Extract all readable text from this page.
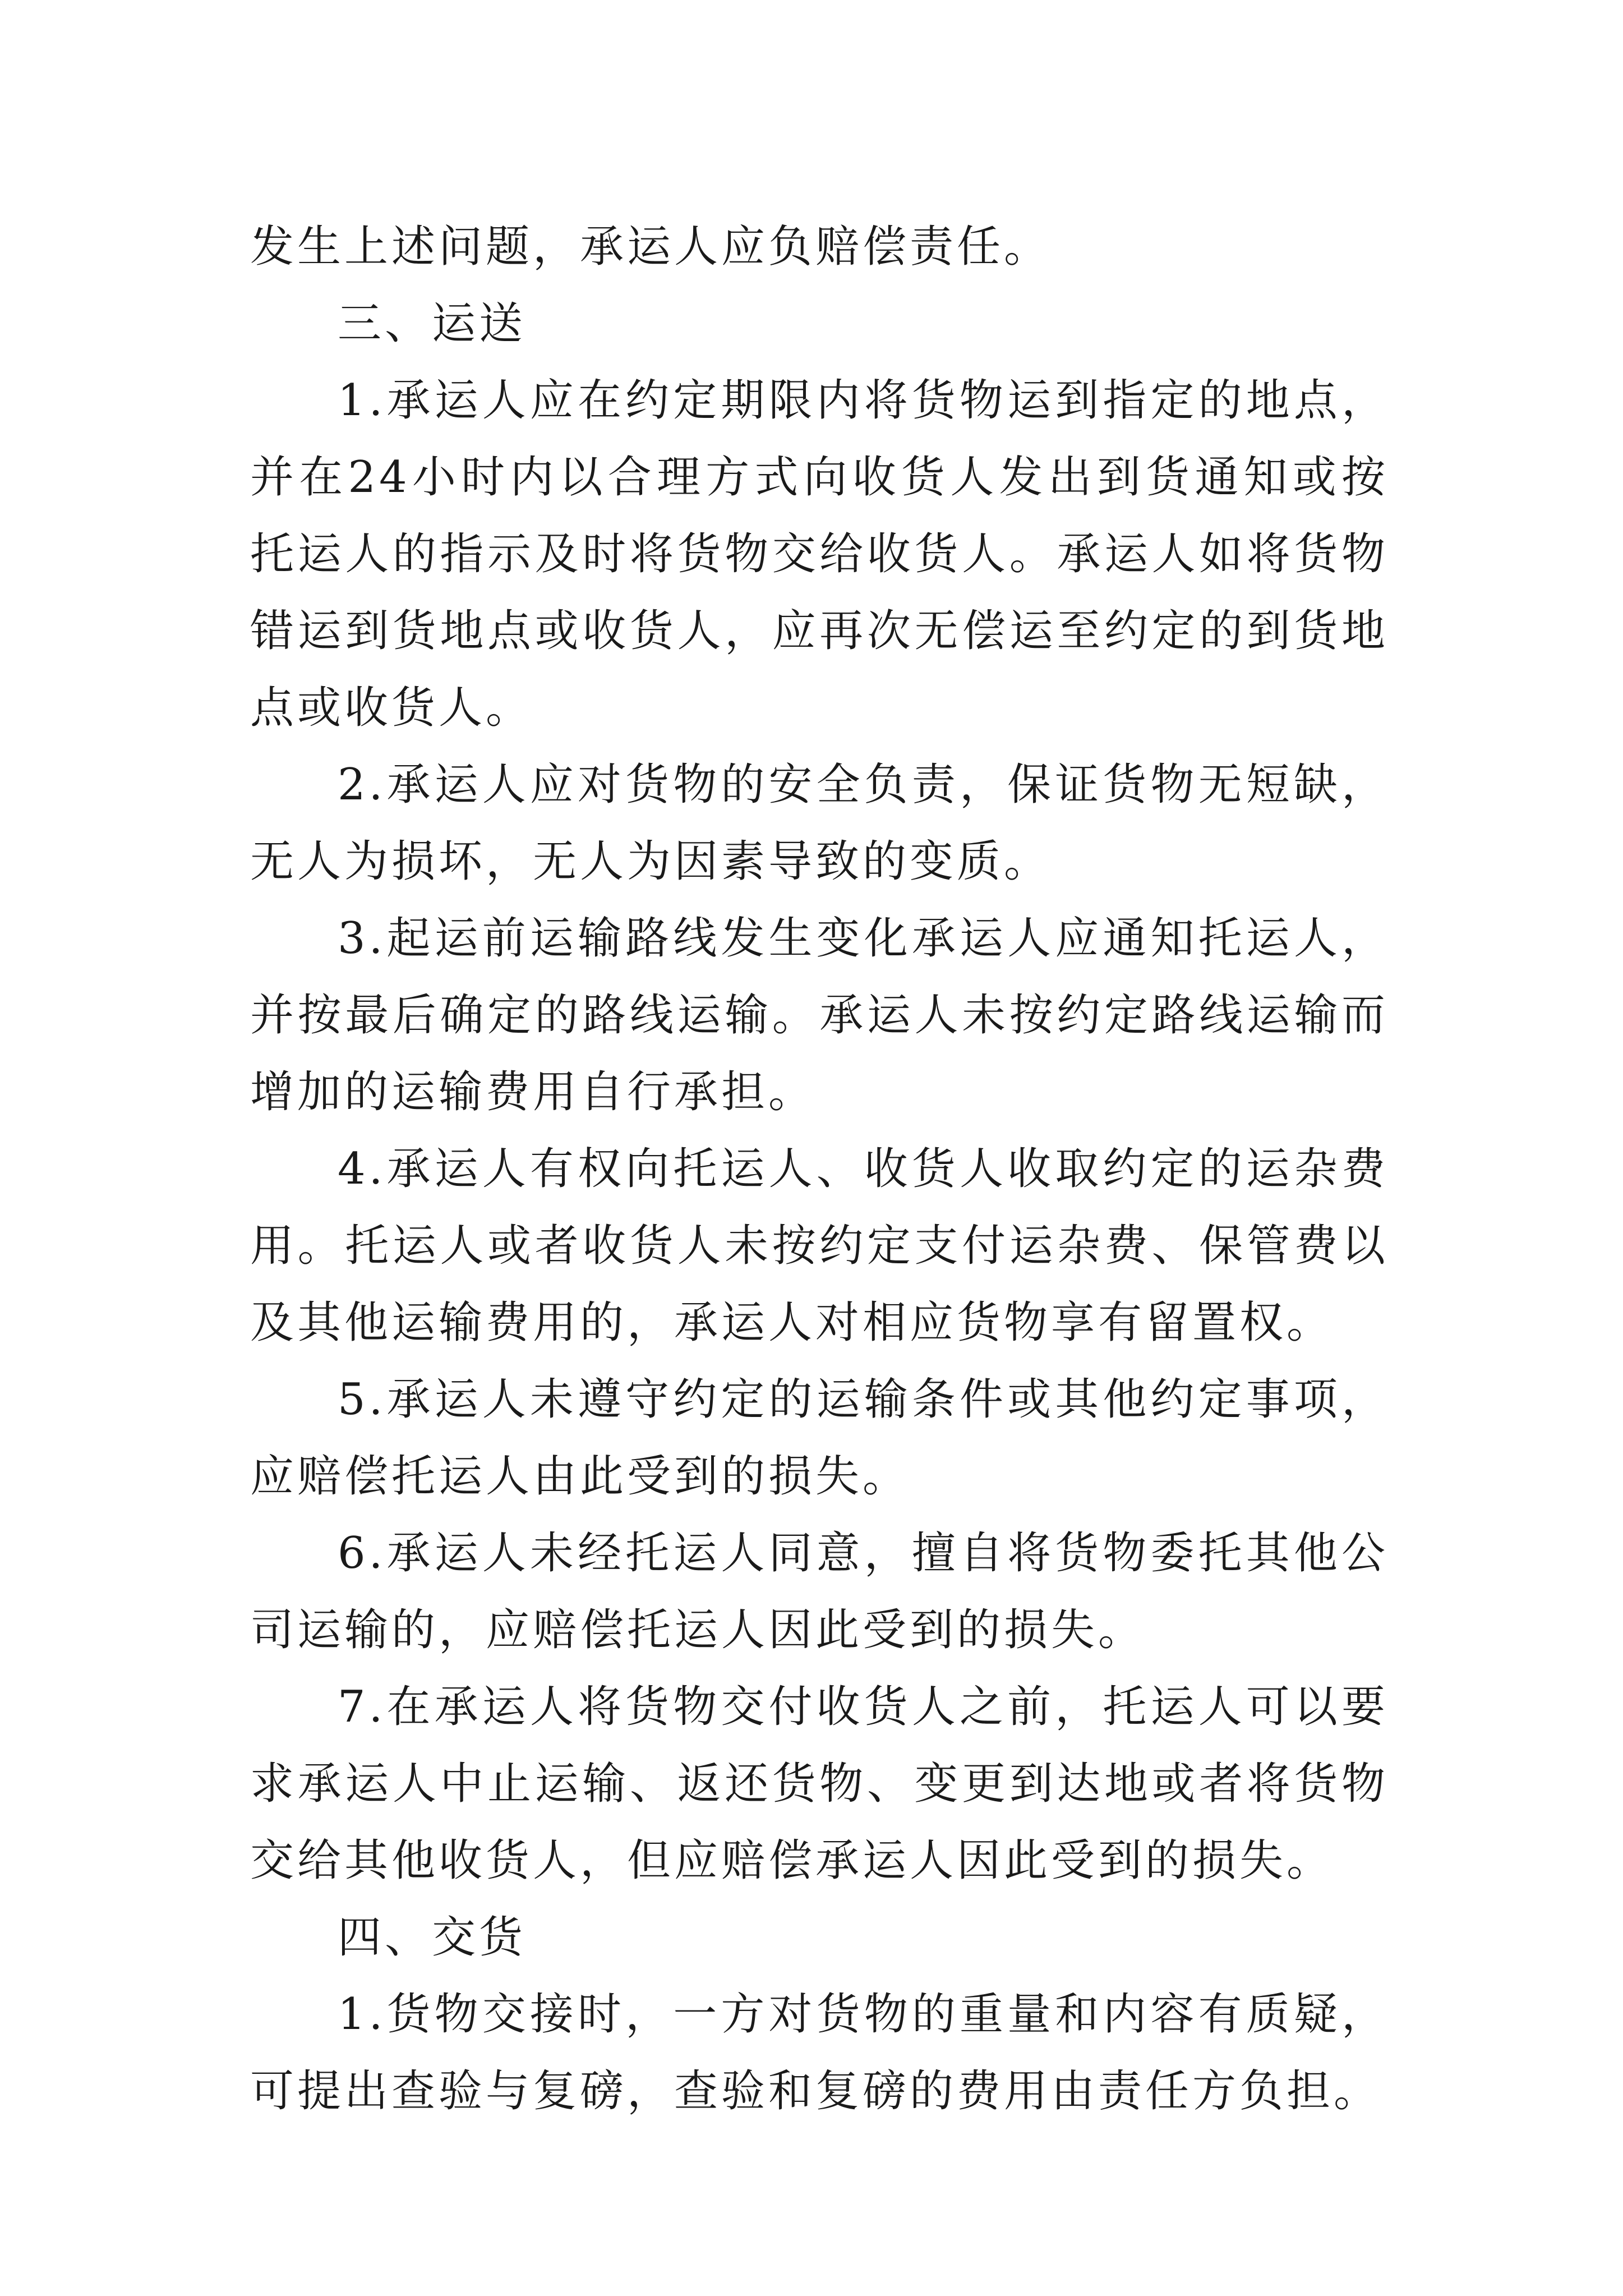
发生上述问题，承运人应负赔偿责任。

三、运送

1.承运人应在约定期限内将货物运到指定的地点，并在24小时内以合理方式向收货人发出到货通知或按托运人的指示及时将货物交给收货人。承运人如将货物错运到货地点或收货人，应再次无偿运至约定的到货地点或收货人。

2.承运人应对货物的安全负责，保证货物无短缺，无人为损坏，无人为因素导致的变质。

3.起运前运输路线发生变化承运人应通知托运人，并按最后确定的路线运输。承运人未按约定路线运输而增加的运输费用自行承担。

4.承运人有权向托运人、收货人收取约定的运杂费用。托运人或者收货人未按约定支付运杂费、保管费以及其他运输费用的，承运人对相应货物享有留置权。

5.承运人未遵守约定的运输条件或其他约定事项，应赔偿托运人由此受到的损失。

6.承运人未经托运人同意，擅自将货物委托其他公司运输的，应赔偿托运人因此受到的损失。

7.在承运人将货物交付收货人之前，托运人可以要求承运人中止运输、返还货物、变更到达地或者将货物交给其他收货人，但应赔偿承运人因此受到的损失。

四、交货

1.货物交接时，一方对货物的重量和内容有质疑，可提出查验与复磅，查验和复磅的费用由责任方负担。
